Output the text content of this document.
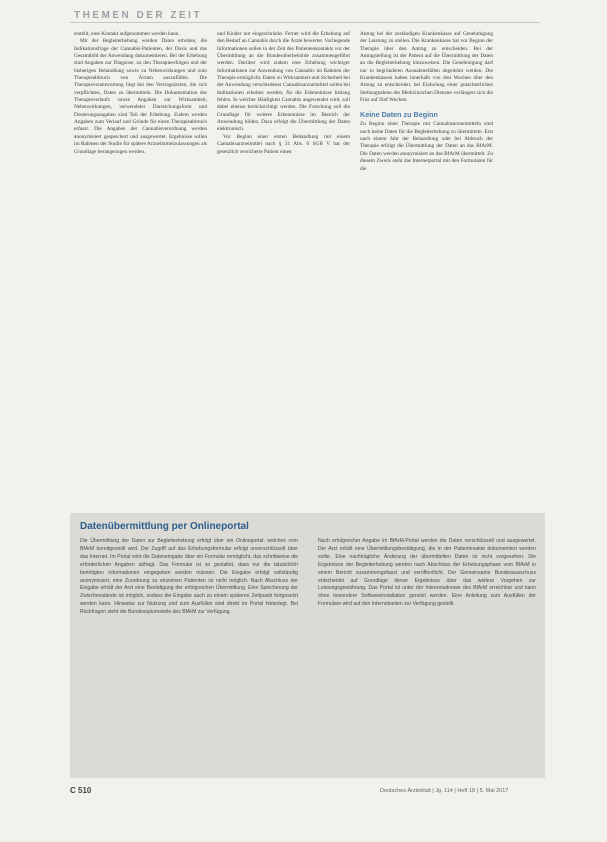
THEMEN DER ZEIT

erstellt, eine Kontakt aufgenommen werden kann.

Mit der Begleiterhebung werden Daten erhoben, die Indikationsfrage der Cannabis-Patienten, der Dosis und das Gesamtbild der Anwendung dokumentieren. Bei der Erhebung sind Angaben zur Diagnose, zu den Therapieerfolgen und der bisherigen Behandlung sowie zu Nebenwirkungen und zum Therapieabbruch von Ärzten auszufüllen. Die Therapieverantwortung liegt bei den Vertragsärzten, die sich verpflichten, Daten zu übermitteln. Die Dokumentation des Therapieverlaufs sowie Angaben zur Wirksamkeit, Nebenwirkungen, verwendeter Darreichungsform und Dosierungsangaben sind Teil der Erhebung. Zudem werden Angaben zum Verlauf und Gründe für einen Therapieabbruch erfasst. Die Angaben der Cannabisverordnung werden anonymisiert gespeichert und ausgewertet. Ergebnisse sollen im Rahmen der Studie für spätere Arzneimittelzulassungen als Grundlage herangezogen werden.

und Kinder nur eingeschränkt. Ferner wird die Erhebung auf den Bedarf an Cannabis durch die Ärzte bewertet. Vorliegende Informationen sollen in der Zeit des Patientenkontakts vor der Übermittlung an die Bundesoberbehörde zusammengeführt werden. Darüber wird zudem eine Erhebung wichtiger Informationen zur Anwendung von Cannabis im Rahmen der Therapie ermöglicht. Daten zu Wirksamkeit und Sicherheit bei der Anwendung verschiedener Cannabisarzneimittel sollen bei Indikationen erhoben werden, für die Erkenntnisse bislang fehlen. In welcher Häufigkeit Cannabis angewendet wird, soll dabei ebenso berücksichtigt werden. Die Forschung soll die Grundlage für weitere Erkenntnisse im Bereich der Anwendung bilden. Dazu erfolgt die Übermittlung der Daten elektronisch.

Vor Beginn einer ersten Behandlung mit einem Cannabisarzneimittel nach § 31 Abs. 6 SGB V hat der gesetzlich versicherte Patient einen

Antrag bei der zuständigen Krankenkasse auf Genehmigung der Leistung zu stellen. Die Krankenkasse hat vor Beginn der Therapie über den Antrag zu entscheiden. Bei der Antragstellung ist der Patient auf die Übermittlung der Daten an die Begleiterhebung hinzuweisen. Die Genehmigung darf nur in begründeten Ausnahmefällen abgelehnt werden. Die Krankenkassen haben innerhalb von drei Wochen über den Antrag zu entscheiden; bei Einholung einer gutachterlichen Stellungnahme des Medizinischen Dienstes verlängert sich die Frist auf fünf Wochen.

Keine Daten zu Beginn

Zu Beginn einer Therapie mit Cannabisarzneimitteln sind noch keine Daten für die Begleiterhebung zu übermitteln. Erst nach einem Jahr der Behandlung oder bei Abbruch der Therapie erfolgt die Übermittlung der Daten an das BfArM. Die Daten werden anonymisiert an das BfArM übermittelt. Zu diesem Zweck steht das Internetportal mit den Formularen für die

Datenübermittlung per Onlineportal
Die Übermittlung der Daten zur Begleiterhebung erfolgt über ein Onlineportal, welches vom BfArM bereitgestellt wird. Der Zugriff auf das Erhebungsformular erfolgt unverschlüsselt über das Internet. Im Portal wird die Dateneingabe über ein Formular ermöglicht, das schrittweise die erforderlichen Angaben abfragt. Das Formular ist so gestaltet, dass nur die tatsächlich benötigten Informationen eingegeben werden müssen. Die Eingabe erfolgt vollständig anonymisiert, eine Zuordnung zu einzelnen Patienten ist nicht möglich. Nach Abschluss der Eingabe erhält der Arzt eine Bestätigung der erfolgreichen Übermittlung. Eine Speicherung der Zwischenstände ist möglich, sodass die Eingabe auch zu einem späteren Zeitpunkt fortgesetzt werden kann. Hinweise zur Nutzung und zum Ausfüllen sind direkt im Portal hinterlegt. Bei Rückfragen steht die Bundesopiumstelle des BfArM zur Verfügung.
Nach erfolgreicher Angabe im BfArM-Portal werden die Daten verschlüsselt und ausgewertet. Der Arzt erhält eine Übermittlungsbestätigung, die in der Patientenakte dokumentiert werden sollte. Eine nachträgliche Änderung der übermittelten Daten ist nicht vorgesehen. Die Ergebnisse der Begleiterhebung werden nach Abschluss der Erhebungsphase vom BfArM in einem Bericht zusammengefasst und veröffentlicht. Der Gemeinsame Bundesausschuss entscheidet auf Grundlage dieser Ergebnisse über das weitere Vorgehen zur Leistungsgewährung. Das Portal ist unter der Internetadresse des BfArM erreichbar und kann ohne besondere Softwareinstallation genutzt werden. Eine Anleitung zum Ausfüllen der Formulare wird auf den Internetseiten zur Verfügung gestellt.
C 510	Deutsches Ärzteblatt | Jg. 114 | Heft 18 | 5. Mai 2017
